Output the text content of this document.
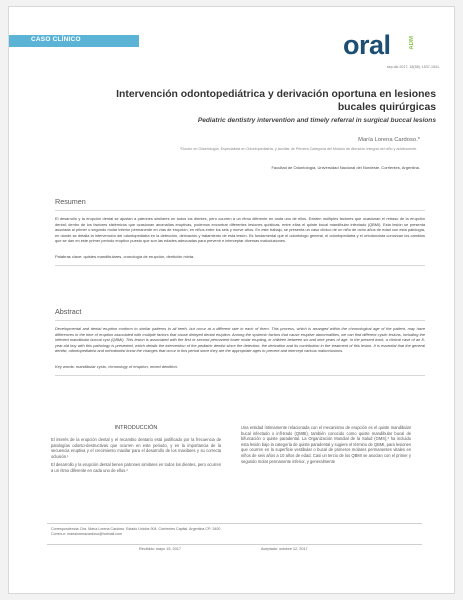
CASO CLÍNICO	oral	ADM
sep-dic 2017; 18(58): 1537-1541.
Intervención odontopediátrica y derivación oportuna en lesiones bucales quirúrgicas
Pediatric dentistry intervention and timely referral in surgical buccal lesions
María Lorena Cardoso.*
*Doctor en Odontología. Especialista en Odontopediatría, y Auxiliar de Primera Categoría del Módulo de Atención Integral del niño y adolescente.
Facultad de Odontología, Universidad Nacional del Nordeste. Corrientes, Argentina.
Resumen

El desarrollo y la erupción dental se ajustan a patrones similares en todos los dientes, pero ocurren a un ritmo diferente en cada uno de ellos. Existen múltiples factores que ocasionan el retraso de la erupción dental; dentro de los factores sistémicos que ocasionan anomalías eruptivas, podemos encontrar diferentes lesiones quísticas, entre ellas el quiste bucal mandibular infectado (QBMI). Esta lesión se presenta asociada al primer o segundo molar inferior permanente en vías de erupción, en niños entre los seis y nueve años. En este trabajo, se presenta un caso clínico de un niño de ocho años de edad con esta patología, en donde se detalla la intervención del odontopediatra en la detección, derivación y tratamiento de esta lesión. Es fundamental que el odontólogo general, el odontopediatra y el ortodoncista conozcan los cambios que se dan en este primer periodo eruptivo puesto que son las edades adecuadas para prevenir e interceptar diversas maloclusiones.

Palabras clave: quistes mandibulares, cronología de erupción, dentición mixta.

Abstract

Developmental and dental eruption conform to similar patterns in all teeth, but occur at a different rate in each of them. This process, which is arranged within the chronological age of the patient, may have differences in the time of eruption associated with multiple factors that cause delayed dental eruption. Among the systemic factors that cause eruptive abnormalities, we can find different cystic lesions, including the infected mandibular buccal cyst (QBMI). This lesion is associated with the first or second permanent lower molar erupting, in children between six and nine years of age. In the present work, a clinical case of an 8-year-old boy with this pathology is presented, which details the intervention of the pediatric dentist since the detection, the derivation and its contribution in the treatment of this lesion. It is essential that the general dentist, odontopediatrist and orthodontist know the changes that occur in this period since they are the appropriate ages to prevent and intercept various malocclusions.

Key words: mandibular cysts, chronology of eruption, mixed dentition.

INTRODUCCIÓN

El interés de la erupción dental y el recambio dentario está justificado por la frecuencia de patologías odonto-destructivas que ocurren en este periodo, y en la importancia de la secuencia eruptiva y el crecimiento maxilar para el desarrollo de los maxilares y su correcta oclusión.¹

El desarrollo y la erupción dental tienen patrones similares en todos los dientes, pero ocurren a un ritmo diferente en cada uno de ellos.²

Una entidad íntimamente relacionada con el mecanismo de erupción es el quiste mandibular bucal infectado o infl-trado (QMBI), también conocido como quiste mandibular bucal de bifurcación o quiste paradental. La Organización Mundial de la Salud (OMS),³ ha incluido esta lesión bajo la categoría de quiste paradental y sugiere el término de QBMI, para lesiones que ocurren en la superficie vestibular o bucal de primeros molares permanentes vitales en niños de seis años a 10 años de edad. Casi un tercio de los QBMI se asocian con el primer y segundo molar permanente inferior, y generalmente

Correspondencia: Dra. María Lorena Cardoso. Estado Unidos 904. Corrientes Capital, Argentina CP: 3400
Correo-e: marialorenacardoso@hotmail.com
Recibido: mayo 15, 2017	Aceptado: octubre 12, 2017
